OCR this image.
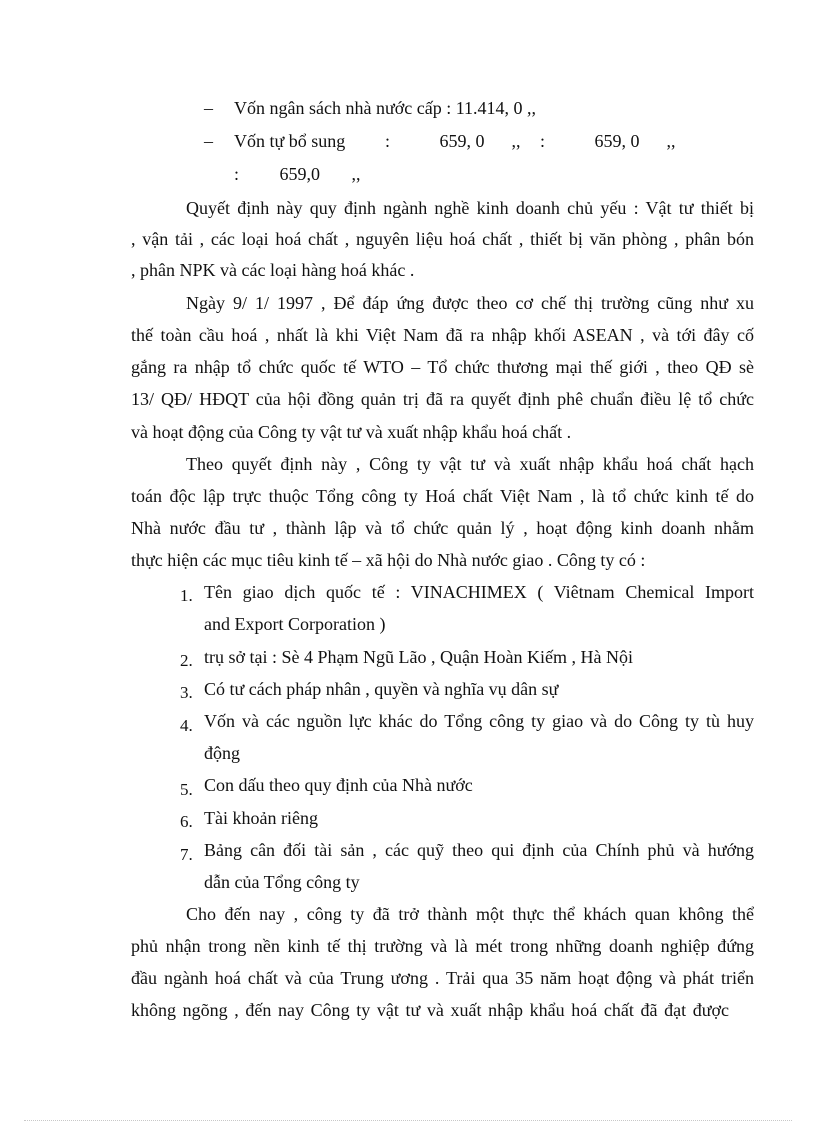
– Vốn ngân sách nhà nước cấp : 11.414, 0 ,,
– Vốn tự bổ sung :           659, 0      ,, :           659, 0      ,,
:         659,0       ,,
Quyết định này quy định ngành nghề kinh doanh chủ yếu : Vật tư thiết bị
, vận tải , các loại hoá chất , nguyên liệu hoá chất , thiết bị văn phòng , phân bón
, phân NPK và các loại hàng hoá khác .
Ngày 9/ 1/ 1997 , Để đáp ứng được theo cơ chế thị trường cũng như xu
thế toàn cầu hoá , nhất là khi Việt Nam đã ra nhập khối ASEAN , và tới đây cố
gắng ra nhập tổ chức quốc tế WTO – Tổ chức thương mại thế giới , theo QĐ sè
13/ QĐ/ HĐQT của hội đồng quản trị đã ra quyết định phê chuẩn điều lệ tổ chức
và hoạt động của Công ty vật tư và xuất nhập khẩu hoá chất .
Theo quyết định này , Công ty vật tư và xuất nhập khẩu hoá chất hạch
toán độc lập trực thuộc Tổng công ty Hoá chất Việt Nam , là tổ chức kinh tế do
Nhà nước đầu tư , thành lập và tổ chức quản lý , hoạt động kinh doanh nhằm
thực hiện các mục tiêu kinh tế – xã hội do Nhà nước giao . Công ty có :
1. Tên giao dịch quốc tế : VINACHIMEX ( Viêtnam Chemical Import
and Export Corporation )
2. trụ sở tại : Sè 4 Phạm Ngũ Lão , Quận Hoàn Kiếm , Hà Nội
3. Có tư cách pháp nhân , quyền và nghĩa vụ dân sự
4. Vốn và các nguồn lực khác do Tổng công ty giao và do Công ty tù huy
động
5. Con dấu theo quy định của Nhà nước
6. Tài khoản riêng
7. Bảng cân đối tài sản , các quỹ theo qui định của Chính phủ và hướng
dẫn của Tổng công ty
Cho đến nay , công ty đã trở thành một thực thể khách quan không thể
phủ nhận trong nền kinh tế thị trường và là mét trong những doanh nghiệp đứng
đầu ngành hoá chất và của Trung ương . Trải qua 35 năm hoạt động và phát triển
không ngõng , đến nay Công ty vật tư và xuất nhập khẩu hoá chất đã đạt được
